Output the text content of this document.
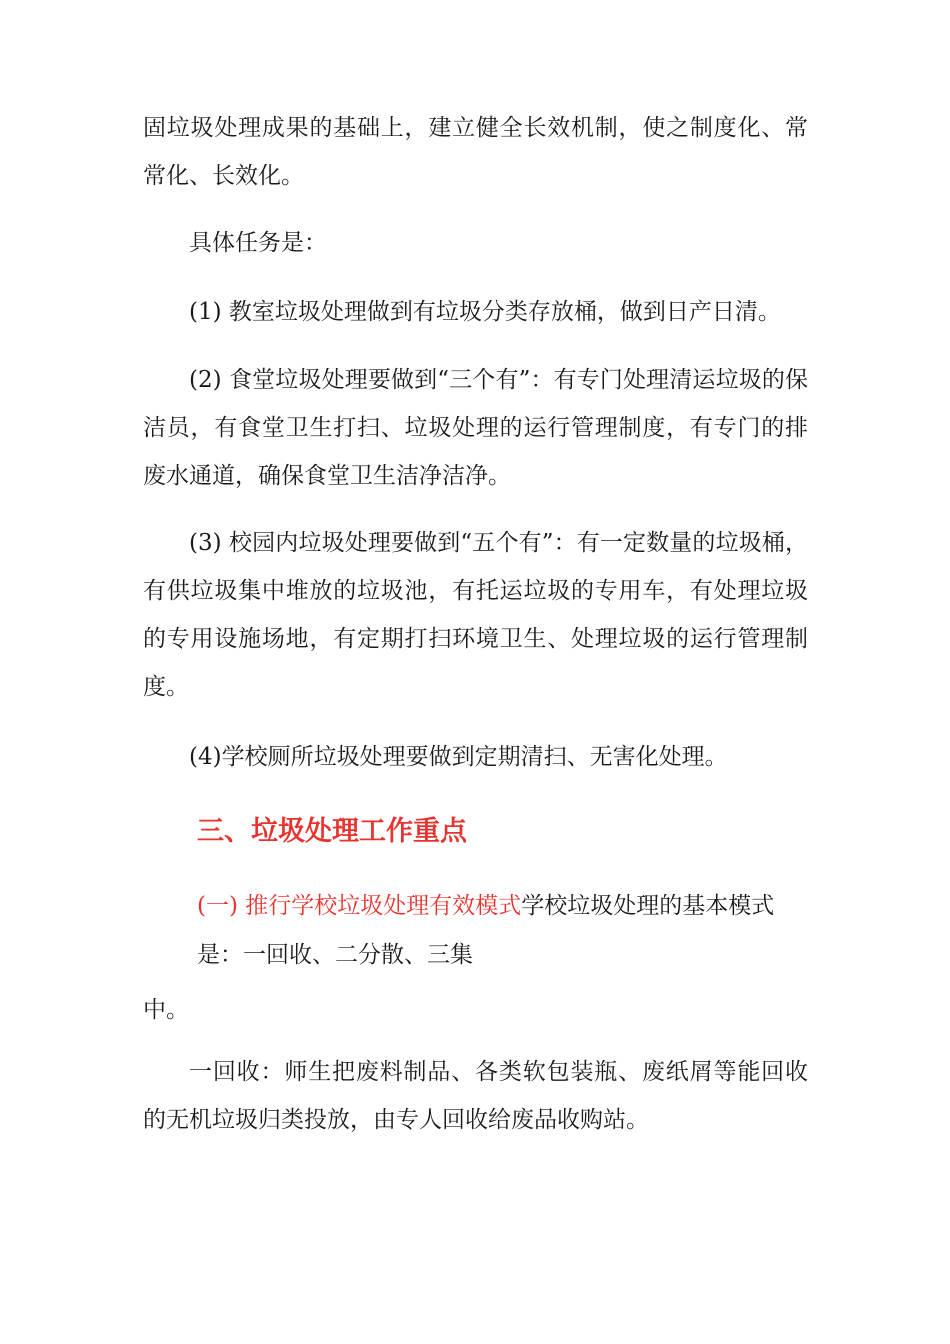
固垃圾处理成果的基础上，建立健全长效机制，使之制度化、常常化、长效化。

具体任务是：

(1) 教室垃圾处理做到有垃圾分类存放桶，做到日产日清。

(2) 食堂垃圾处理要做到“三个有”：有专门处理清运垃圾的保洁员，有食堂卫生打扫、垃圾处理的运行管理制度，有专门的排废水通道，确保食堂卫生洁净洁净。

(3) 校园内垃圾处理要做到“五个有”：有一定数量的垃圾桶，有供垃圾集中堆放的垃圾池，有托运垃圾的专用车，有处理垃圾的专用设施场地，有定期打扫环境卫生、处理垃圾的运行管理制度。

(4)学校厕所垃圾处理要做到定期清扫、无害化处理。

三、垃圾处理工作重点
(一) 推行学校垃圾处理有效模式学校垃圾处理的基本模式
是：一回收、二分散、三集
中。

一回收：师生把废料制品、各类软包装瓶、废纸屑等能回收的无机垃圾归类投放，由专人回收给废品收购站。
